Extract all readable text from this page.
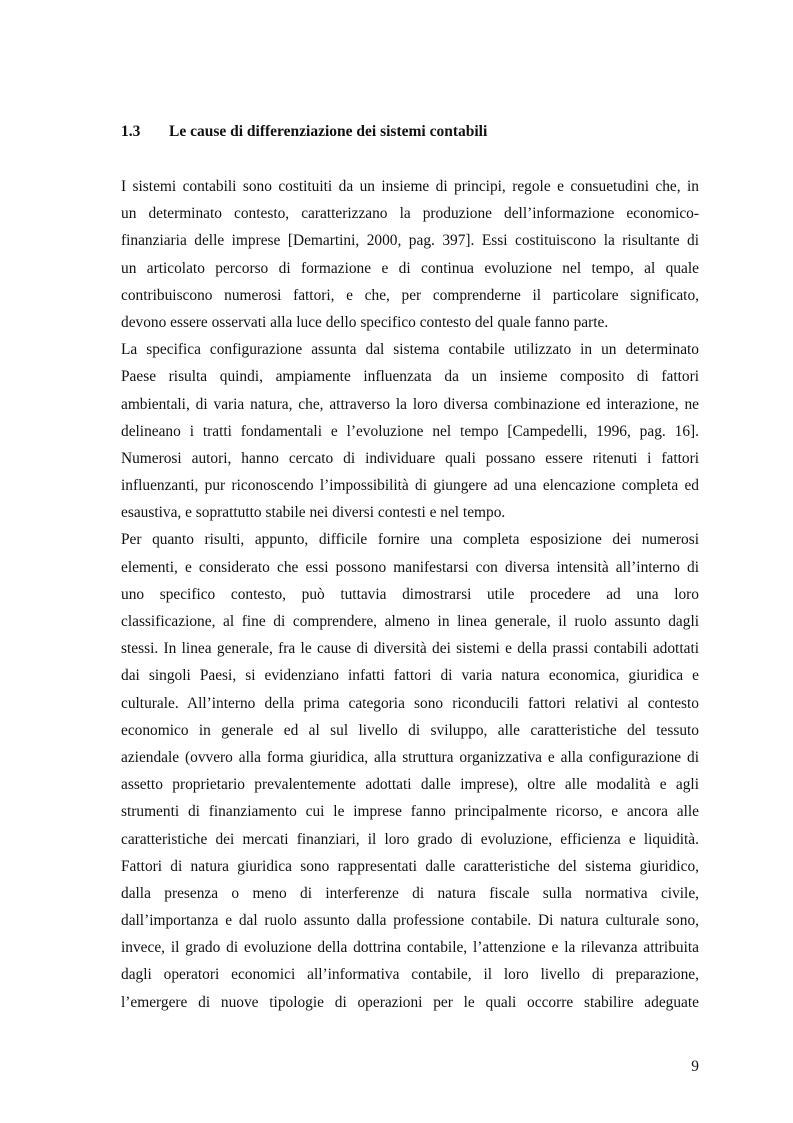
1.3 Le cause di differenziazione dei sistemi contabili
I sistemi contabili sono costituiti da un insieme di principi, regole e consuetudini che, in
un determinato contesto, caratterizzano la produzione dell’informazione economico-
finanziaria delle imprese [Demartini, 2000, pag. 397]. Essi costituiscono la risultante di
un articolato percorso di formazione e di continua evoluzione nel tempo, al quale
contribuiscono numerosi fattori, e che, per comprenderne il particolare significato,
devono essere osservati alla luce dello specifico contesto del quale fanno parte.
La specifica configurazione assunta dal sistema contabile utilizzato in un determinato
Paese risulta quindi, ampiamente influenzata da un insieme composito di fattori
ambientali, di varia natura, che, attraverso la loro diversa combinazione ed interazione, ne
delineano i tratti fondamentali e l’evoluzione nel tempo [Campedelli, 1996, pag. 16].
Numerosi autori, hanno cercato di individuare quali possano essere ritenuti i fattori
influenzanti, pur riconoscendo l’impossibilità di giungere ad una elencazione completa ed
esaustiva, e soprattutto stabile nei diversi contesti e nel tempo.
Per quanto risulti, appunto, difficile fornire una completa esposizione dei numerosi
elementi, e considerato che essi possono manifestarsi con diversa intensità all’interno di
uno specifico contesto, può tuttavia dimostrarsi utile procedere ad una loro
classificazione, al fine di comprendere, almeno in linea generale, il ruolo assunto dagli
stessi. In linea generale, fra le cause di diversità dei sistemi e della prassi contabili adottati
dai singoli Paesi, si evidenziano infatti fattori di varia natura economica, giuridica e
culturale. All’interno della prima categoria sono riconducili fattori relativi al contesto
economico in generale ed al sul livello di sviluppo, alle caratteristiche del tessuto
aziendale (ovvero alla forma giuridica, alla struttura organizzativa e alla configurazione di
assetto proprietario prevalentemente adottati dalle imprese), oltre alle modalità e agli
strumenti di finanziamento cui le imprese fanno principalmente ricorso, e ancora alle
caratteristiche dei mercati finanziari, il loro grado di evoluzione, efficienza e liquidità.
Fattori di natura giuridica sono rappresentati dalle caratteristiche del sistema giuridico,
dalla presenza o meno di interferenze di natura fiscale sulla normativa civile,
dall’importanza e dal ruolo assunto dalla professione contabile. Di natura culturale sono,
invece, il grado di evoluzione della dottrina contabile, l’attenzione e la rilevanza attribuita
dagli operatori economici all’informativa contabile, il loro livello di preparazione,
l’emergere di nuove tipologie di operazioni per le quali occorre stabilire adeguate
9
